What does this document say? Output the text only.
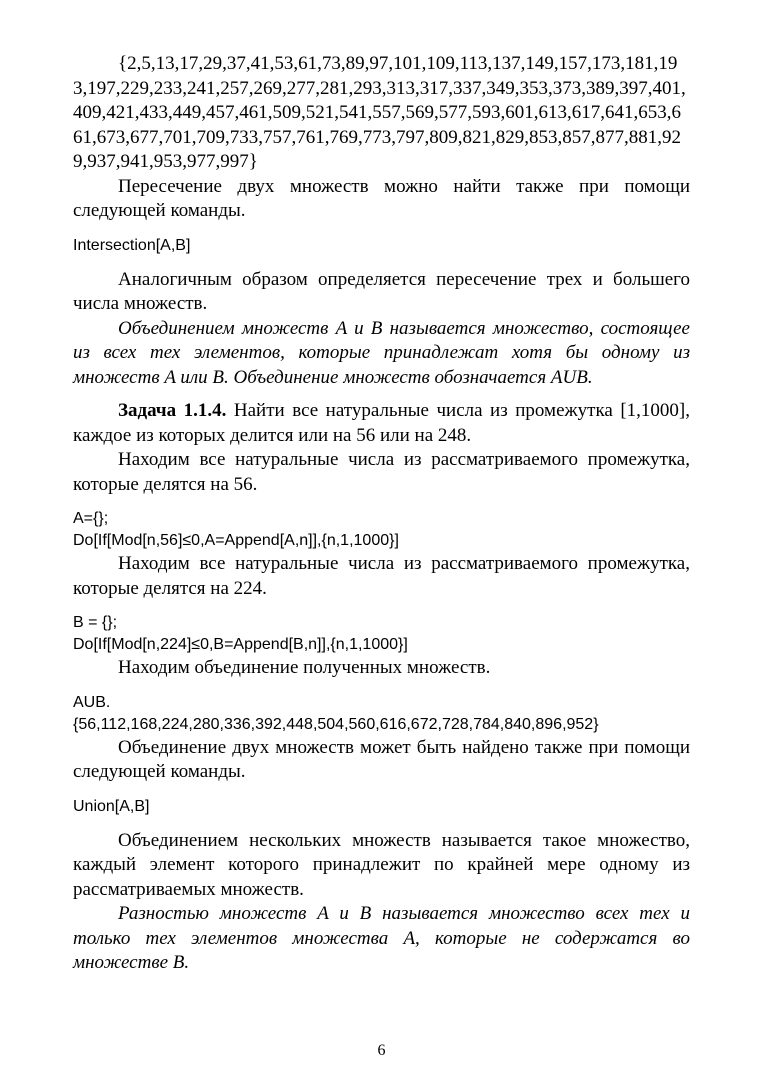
{2,5,13,17,29,37,41,53,61,73,89,97,101,109,113,137,149,157,173,181,193,197,229,233,241,257,269,277,281,293,313,317,337,349,353,373,389,397,401,409,421,433,449,457,461,509,521,541,557,569,577,593,601,613,617,641,653,661,673,677,701,709,733,757,761,769,773,797,809,821,829,853,857,877,881,929,937,941,953,977,997}

Пересечение двух множеств можно найти также при помощи следующей команды.

Intersection[A,B]

Аналогичным образом определяется пересечение трех и большего числа множеств.

Объединением множеств A и B называется множество, состоящее из всех тех элементов, которые принадлежат хотя бы одному из множеств A или B. Объединение множеств обозначается AUB.

Задача 1.1.4. Найти все натуральные числа из промежутка [1,1000], каждое из которых делится или на 56 или на 248.

Находим все натуральные числа из рассматриваемого промежутка, которые делятся на 56.

A={};

Do[If[Mod[n,56]≤0,A=Append[A,n]],{n,1,1000}]

Находим все натуральные числа из рассматриваемого промежутка, которые делятся на 224.

B = {};

Do[If[Mod[n,224]≤0,B=Append[B,n]],{n,1,1000}]

Находим объединение полученных множеств.

AUB.

{56,112,168,224,280,336,392,448,504,560,616,672,728,784,840,896,952}

Объединение двух множеств может быть найдено также при помощи следующей команды.

Union[A,B]

Объединением нескольких множеств называется такое множество, каждый элемент которого принадлежит по крайней мере одному из рассматриваемых множеств.

Разностью множеств A и B называется множество всех тех и только тех элементов множества A, которые не содержатся во множестве B.

6
